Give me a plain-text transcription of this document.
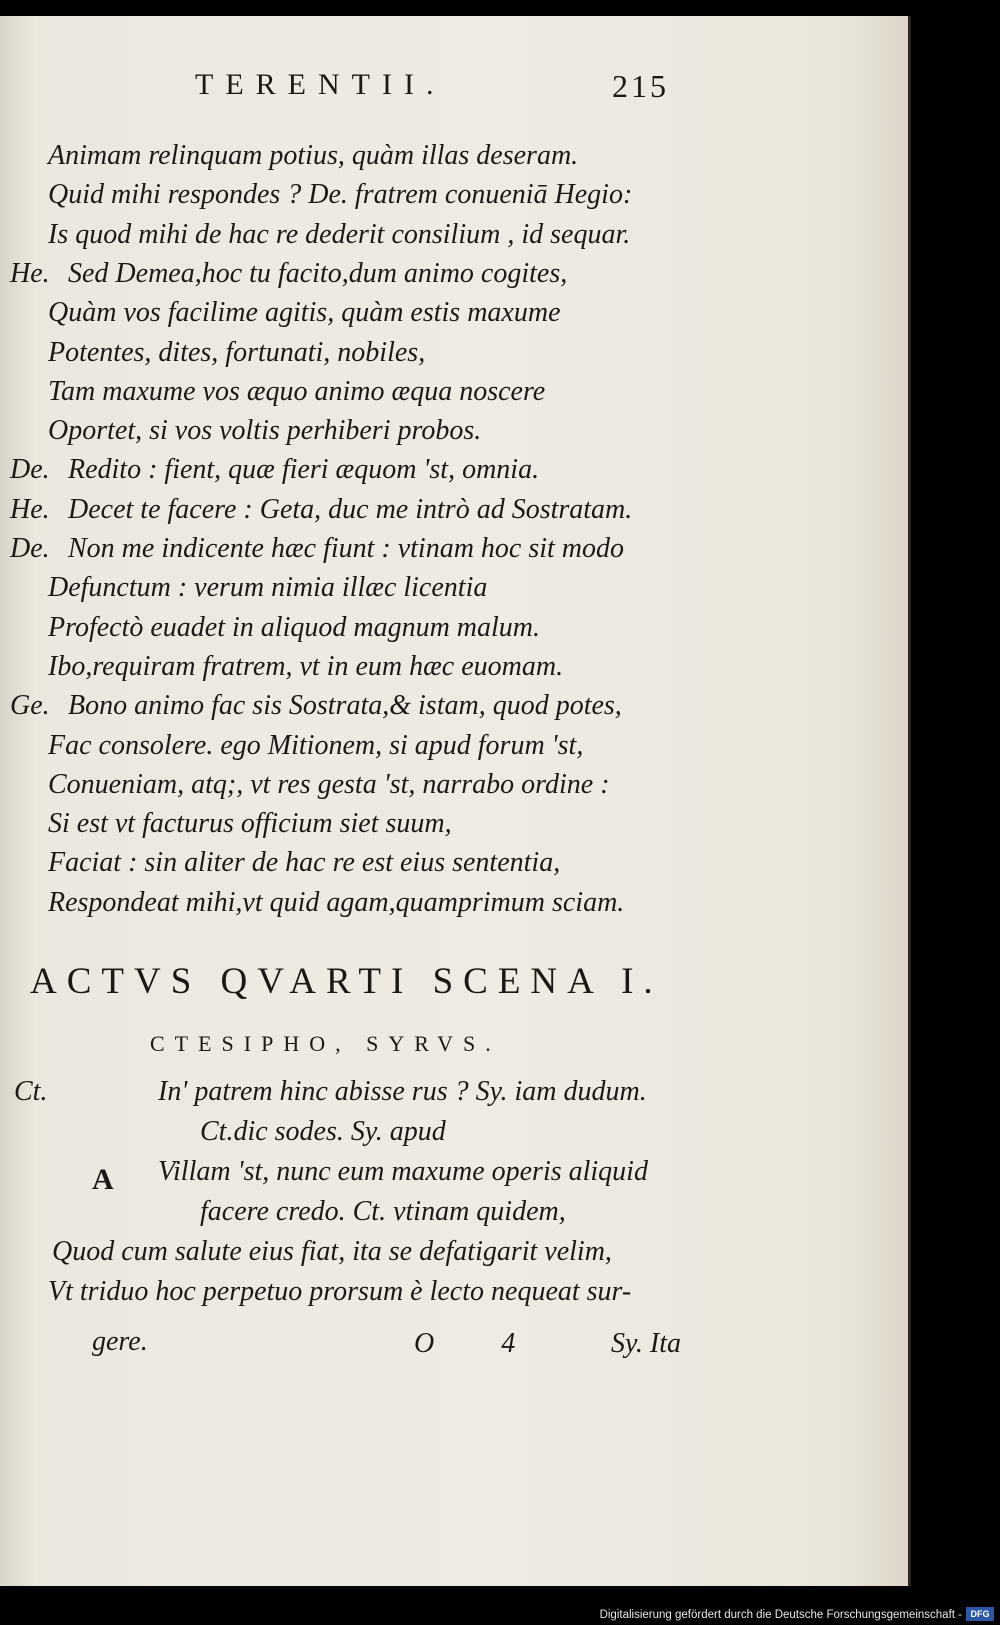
TERENTII.	215
Animam relinquam potius, quàm illas deseram.
Quid mihi respondes ? De. fratrem conueniā Hegio:
Is quod mihi de hac re dederit consilium , id sequar.
He. Sed Demea,hoc tu facito,dum animo cogites,
Quàm vos facilime agitis, quàm estis maxume
Potentes, dites, fortunati, nobiles,
Tam maxume vos æquo animo æqua noscere
Oportet, si vos voltis perhiberi probos.
De. Redito : fient, quæ fieri æquom 'st, omnia.
He. Decet te facere : Geta, duc me intrò ad Sostratam.
De. Non me indicente hæc fiunt : vtinam hoc sit modo
Defunctum : verum nimia illæc licentia
Profectò euadet in aliquod magnum malum.
Ibo,requiram fratrem, vt in eum hæc euomam.
Ge. Bono animo fac sis Sostrata,& istam, quod potes,
Fac consolere. ego Mitionem, si apud forum 'st,
Conueniam, atq;, vt res gesta 'st, narrabo ordine :
Si est vt facturus officium siet suum,
Faciat : sin aliter de hac re est eius sententia,
Respondeat mihi,vt quid agam,quamprimum sciam.
ACTVS QVARTI SCENA I.
CTESIPHO, SYRVS.
Ct.
A
In' patrem hinc abisse rus ? Sy. iam dudum.
Ct.dic sodes. Sy. apud
Villam 'st, nunc eum maxume operis aliquid
facere credo. Ct. vtinam quidem,
Quod cum salute eius fiat, ita se defatigarit velim,
Vt triduo hoc perpetuo prorsum è lecto nequeat sur-
gere.	O 4 Sy. Ita
Digitalisierung gefördert durch die Deutsche Forschungsgemeinschaft - DFG
